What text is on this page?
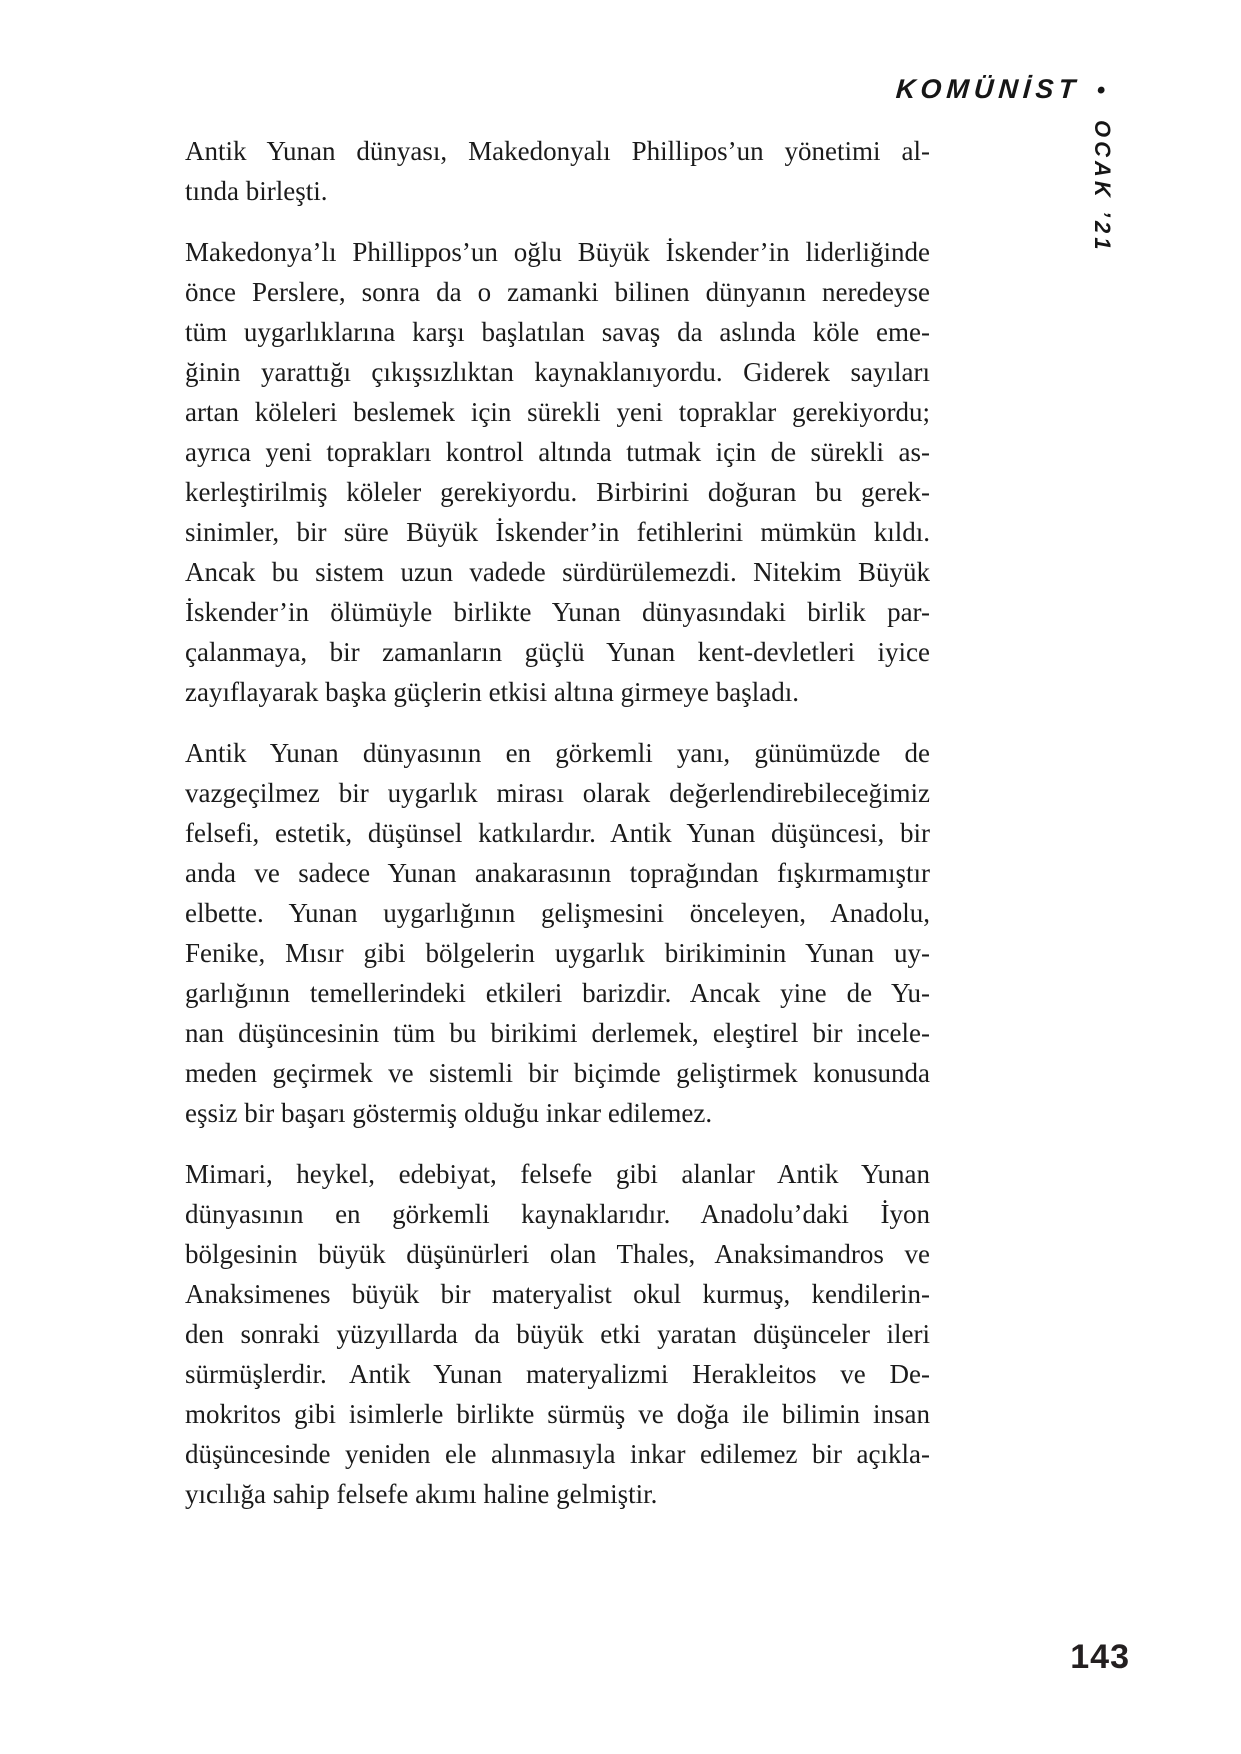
KOMÜNİST •
OCAK ’21

Antik Yunan dünyası, Makedonyalı Phillipos’un yönetimi al-
tında birleşti.

Makedonya’lı Phillippos’un oğlu Büyük İskender’in liderliğinde
önce Perslere, sonra da o zamanki bilinen dünyanın neredeyse
tüm uygarlıklarına karşı başlatılan savaş da aslında köle eme-
ğinin yarattığı çıkışsızlıktan kaynaklanıyordu. Giderek sayıları
artan köleleri beslemek için sürekli yeni topraklar gerekiyordu;
ayrıca yeni toprakları kontrol altında tutmak için de sürekli as-
kerleştirilmiş köleler gerekiyordu. Birbirini doğuran bu gerek-
sinimler, bir süre Büyük İskender’in fetihlerini mümkün kıldı.
Ancak bu sistem uzun vadede sürdürülemezdi. Nitekim Büyük
İskender’in ölümüyle birlikte Yunan dünyasındaki birlik par-
çalanmaya, bir zamanların güçlü Yunan kent-devletleri iyice
zayıflayarak başka güçlerin etkisi altına girmeye başladı.

Antik Yunan dünyasının en görkemli yanı, günümüzde de
vazgeçilmez bir uygarlık mirası olarak değerlendirebileceğimiz
felsefi, estetik, düşünsel katkılardır. Antik Yunan düşüncesi, bir
anda ve sadece Yunan anakarasının toprağından fışkırmamıştır
elbette. Yunan uygarlığının gelişmesini önceleyen, Anadolu,
Fenike, Mısır gibi bölgelerin uygarlık birikiminin Yunan uy-
garlığının temellerindeki etkileri barizdir. Ancak yine de Yu-
nan düşüncesinin tüm bu birikimi derlemek, eleştirel bir incele-
meden geçirmek ve sistemli bir biçimde geliştirmek konusunda
eşsiz bir başarı göstermiş olduğu inkar edilemez.

Mimari, heykel, edebiyat, felsefe gibi alanlar Antik Yunan
dünyasının en görkemli kaynaklarıdır. Anadolu’daki İyon
bölgesinin büyük düşünürleri olan Thales, Anaksimandros ve
Anaksimenes büyük bir materyalist okul kurmuş, kendilerin-
den sonraki yüzyıllarda da büyük etki yaratan düşünceler ileri
sürmüşlerdir. Antik Yunan materyalizmi Herakleitos ve De-
mokritos gibi isimlerle birlikte sürmüş ve doğa ile bilimin insan
düşüncesinde yeniden ele alınmasıyla inkar edilemez bir açıkla-
yıcılığa sahip felsefe akımı haline gelmiştir.

143
